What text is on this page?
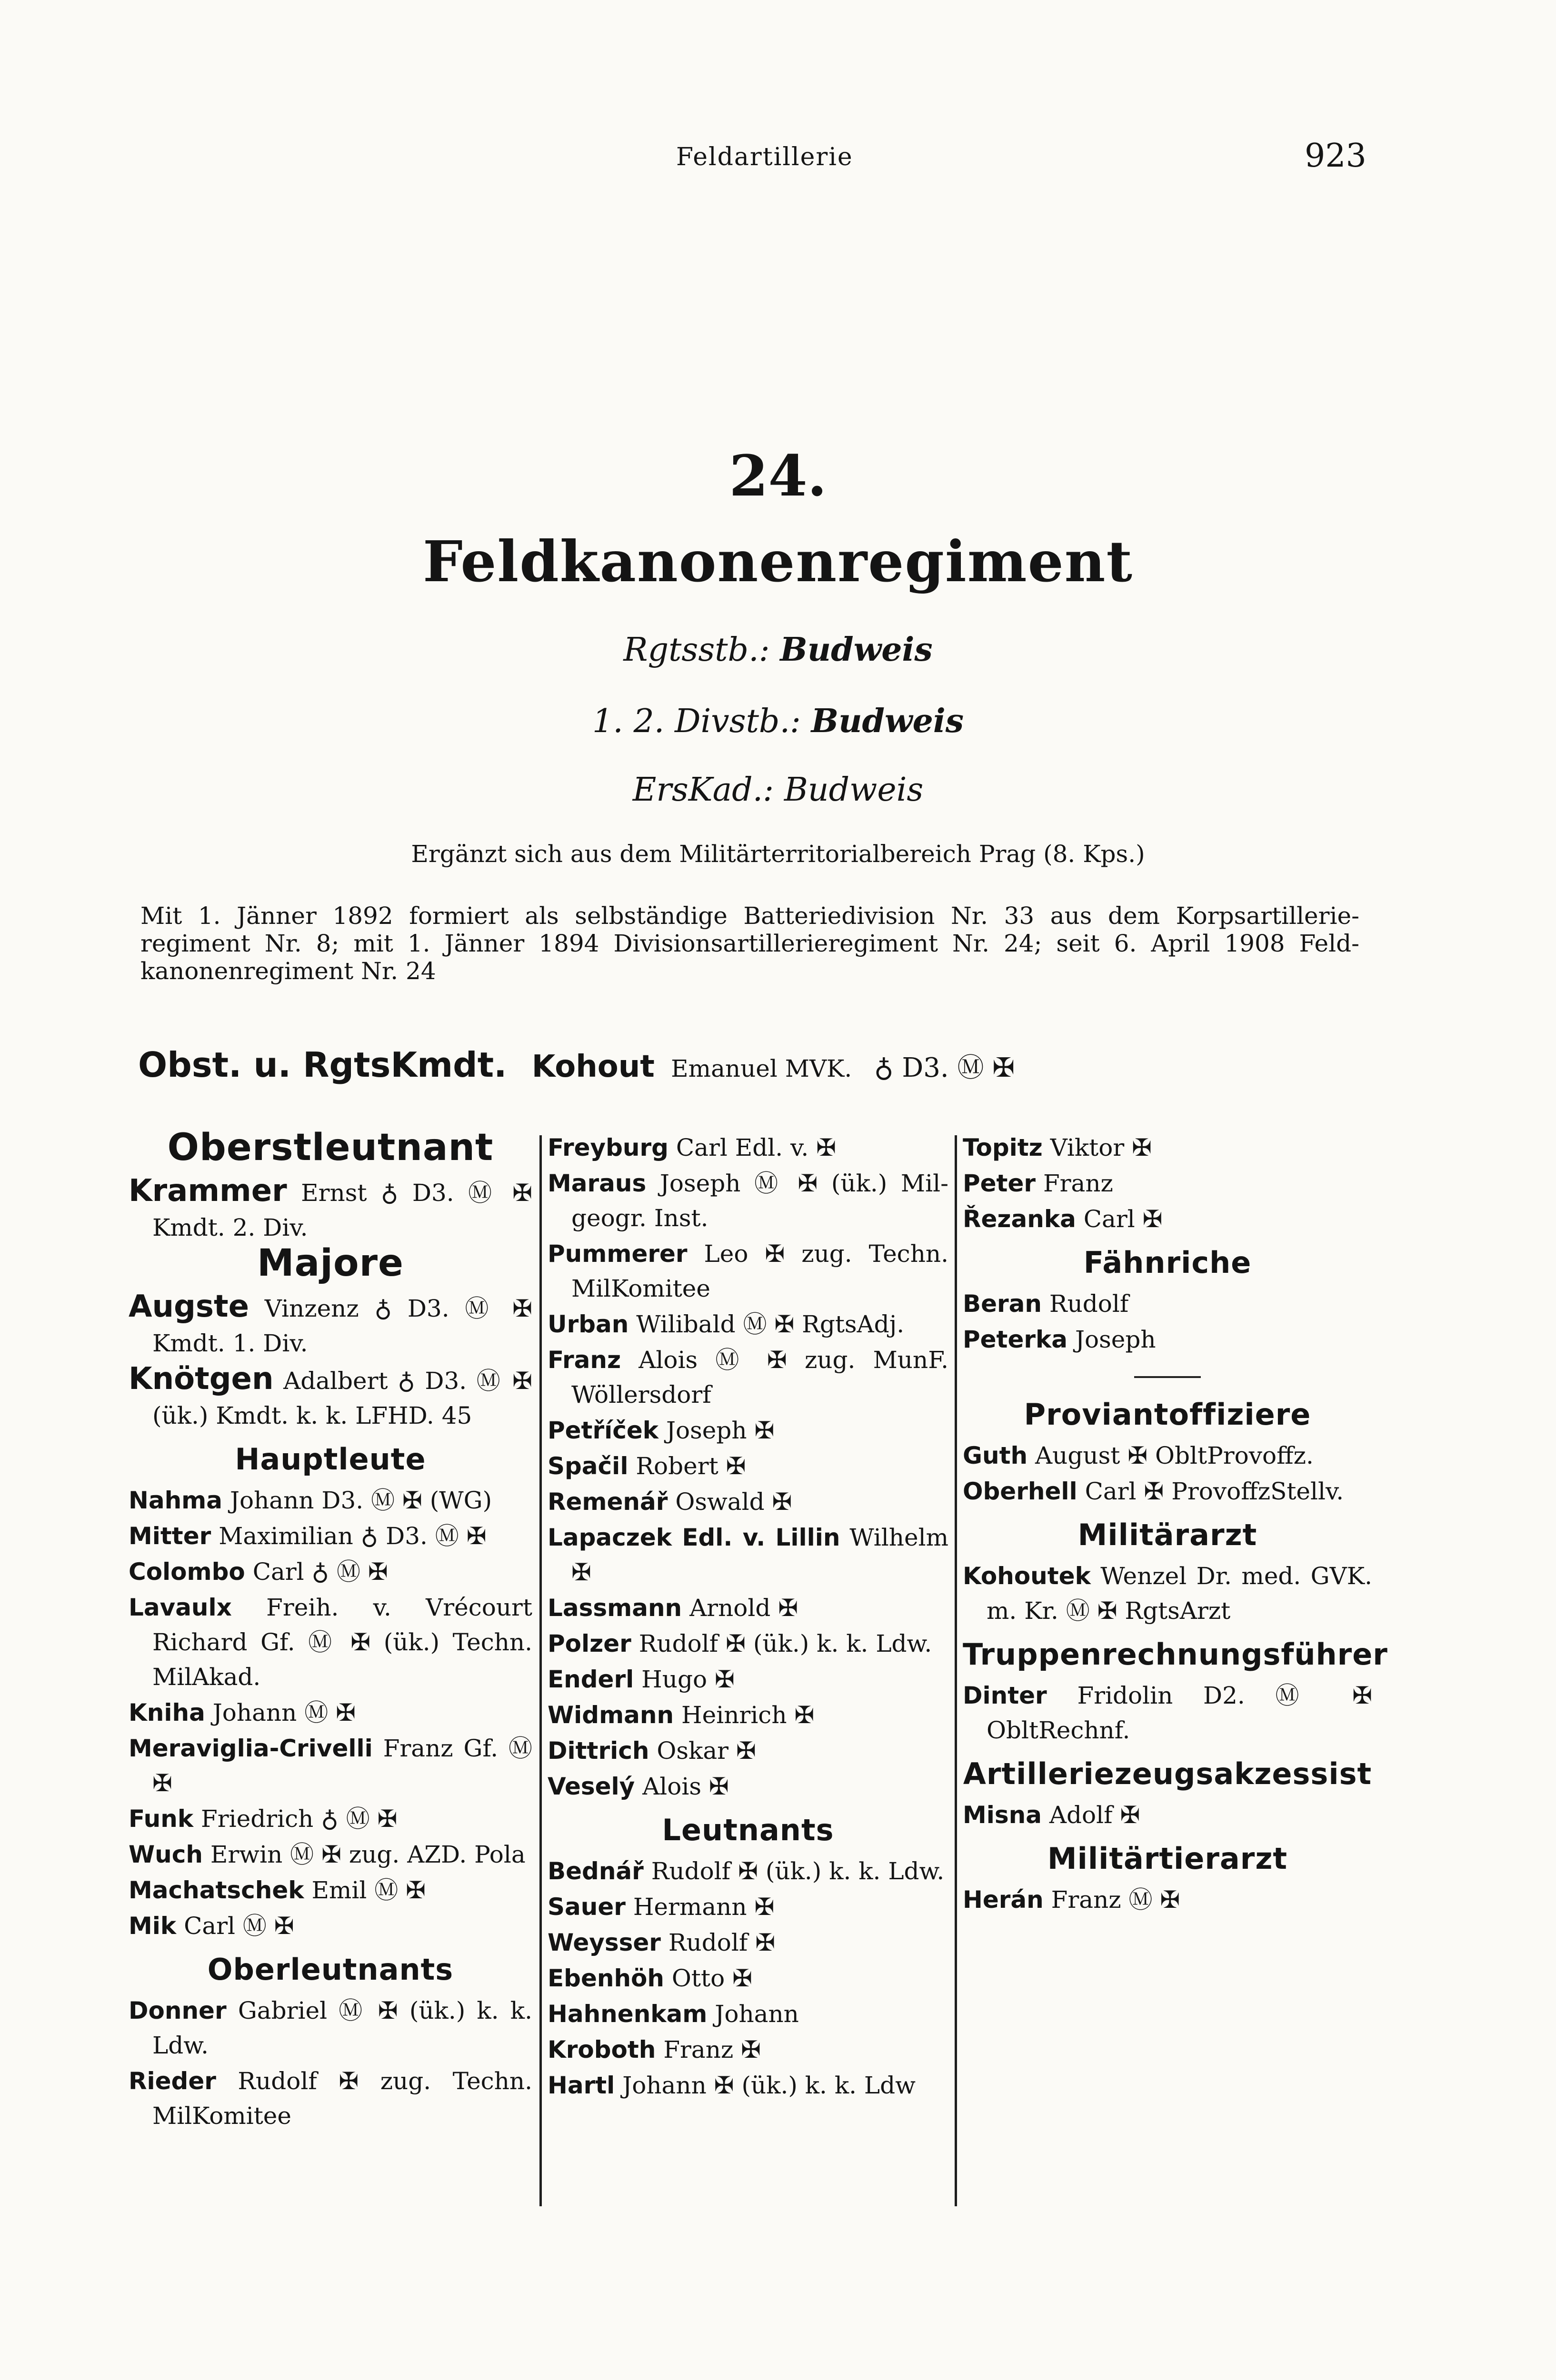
Feldartillerie	923
24.
Feldkanonenregiment
Rgtsstb.: Budweis
1. 2. Divstb.: Budweis
ErsKad.: Budweis
Ergänzt sich aus dem Militärterritorialbereich Prag (8. Kps.)
Mit 1. Jänner 1892 formiert als selbständige Batteriedivision Nr. 33 aus dem Korpsartillerie-regiment Nr. 8; mit 1. Jänner 1894 Divisionsartillerieregiment Nr. 24; seit 6. April 1908 Feld-kanonenregiment Nr. 24
Obst. u. RgtsKmdt. Kohout Emanuel MVK. ♁ D3. Ⓜ ✠
Oberstleutnant
Krammer Ernst ♁ D3. Ⓜ ✠ Kmdt. 2. Div.
Majore
Augste Vinzenz ♁ D3. Ⓜ ✠ Kmdt. 1. Div.
Knötgen Adalbert ♁ D3. Ⓜ ✠ (ük.) Kmdt. k. k. LFHD. 45
Hauptleute
Nahma Johann D3. Ⓜ ✠ (WG)
Mitter Maximilian ♁ D3. Ⓜ ✠
Colombo Carl ♁ Ⓜ ✠
Lavaulx Freih. v. Vrécourt Richard Gf. Ⓜ ✠ (ük.) Techn. MilAkad.
Kniha Johann Ⓜ ✠
Meraviglia-Crivelli Franz Gf. Ⓜ ✠
Funk Friedrich ♁ Ⓜ ✠
Wuch Erwin Ⓜ ✠ zug. AZD. Pola
Machatschek Emil Ⓜ ✠
Mik Carl Ⓜ ✠
Oberleutnants
Donner Gabriel Ⓜ ✠ (ük.) k. k. Ldw.
Rieder Rudolf ✠ zug. Techn. MilKomitee
Freyburg Carl Edl. v. ✠
Maraus Joseph Ⓜ ✠ (ük.) Mil-geogr. Inst.
Pummerer Leo ✠ zug. Techn. MilKomitee
Urban Wilibald Ⓜ ✠ RgtsAdj.
Franz Alois Ⓜ ✠ zug. MunF. Wöllersdorf
Petříček Joseph ✠
Spačil Robert ✠
Remenář Oswald ✠
Lapaczek Edl. v. Lillin Wilhelm ✠
Lassmann Arnold ✠
Polzer Rudolf ✠ (ük.) k. k. Ldw.
Enderl Hugo ✠
Widmann Heinrich ✠
Dittrich Oskar ✠
Veselý Alois ✠
Leutnants
Bednář Rudolf ✠ (ük.) k. k. Ldw.
Sauer Hermann ✠
Weysser Rudolf ✠
Ebenhöh Otto ✠
Hahnenkam Johann
Kroboth Franz ✠
Hartl Johann ✠ (ük.) k. k. Ldw
Topitz Viktor ✠
Peter Franz
Řezanka Carl ✠
Fähnriche
Beran Rudolf
Peterka Joseph
Proviantoffiziere
Guth August ✠ ObltProvoffz.
Oberhell Carl ✠ ProvoffzStellv.
Militärarzt
Kohoutek Wenzel Dr. med. GVK. m. Kr. Ⓜ ✠ RgtsArzt
Truppenrechnungsführer
Dinter Fridolin D2. Ⓜ ✠ ObltRechnf.
Artilleriezeugsakzessist
Misna Adolf ✠
Militärtierarzt
Herán Franz Ⓜ ✠
